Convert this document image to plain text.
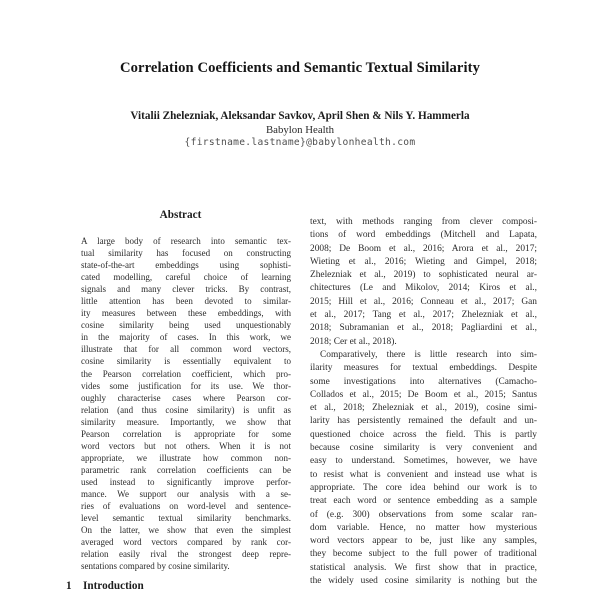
Correlation Coefficients and Semantic Textual Similarity
Vitalii Zhelezniak, Aleksandar Savkov, April Shen & Nils Y. Hammerla
Babylon Health
{firstname.lastname}@babylonhealth.com
Abstract
A large body of research into semantic tex-
tual similarity has focused on constructing
state-of-the-art embeddings using sophisti-
cated modelling, careful choice of learning
signals and many clever tricks. By contrast,
little attention has been devoted to similar-
ity measures between these embeddings, with
cosine similarity being used unquestionably
in the majority of cases. In this work, we
illustrate that for all common word vectors,
cosine similarity is essentially equivalent to
the Pearson correlation coefficient, which pro-
vides some justification for its use. We thor-
oughly characterise cases where Pearson cor-
relation (and thus cosine similarity) is unfit as
similarity measure. Importantly, we show that
Pearson correlation is appropriate for some
word vectors but not others. When it is not
appropriate, we illustrate how common non-
parametric rank correlation coefficients can be
used instead to significantly improve perfor-
mance. We support our analysis with a se-
ries of evaluations on word-level and sentence-
level semantic textual similarity benchmarks.
On the latter, we show that even the simplest
averaged word vectors compared by rank cor-
relation easily rival the strongest deep repre-
sentations compared by cosine similarity.
1 Introduction
text, with methods ranging from clever composi-
tions of word embeddings (Mitchell and Lapata,
2008; De Boom et al., 2016; Arora et al., 2017;
Wieting et al., 2016; Wieting and Gimpel, 2018;
Zhelezniak et al., 2019) to sophisticated neural ar-
chitectures (Le and Mikolov, 2014; Kiros et al.,
2015; Hill et al., 2016; Conneau et al., 2017; Gan
et al., 2017; Tang et al., 2017; Zhelezniak et al.,
2018; Subramanian et al., 2018; Pagliardini et al.,
2018; Cer et al., 2018).
Comparatively, there is little research into sim-
ilarity measures for textual embeddings. Despite
some investigations into alternatives (Camacho-
Collados et al., 2015; De Boom et al., 2015; Santus
et al., 2018; Zhelezniak et al., 2019), cosine simi-
larity has persistently remained the default and un-
questioned choice across the field. This is partly
because cosine similarity is very convenient and
easy to understand. Sometimes, however, we have
to resist what is convenient and instead use what is
appropriate. The core idea behind our work is to
treat each word or sentence embedding as a sample
of (e.g. 300) observations from some scalar ran-
dom variable. Hence, no matter how mysterious
word vectors appear to be, just like any samples,
they become subject to the full power of traditional
statistical analysis. We first show that in practice,
the widely used cosine similarity is nothing but the
